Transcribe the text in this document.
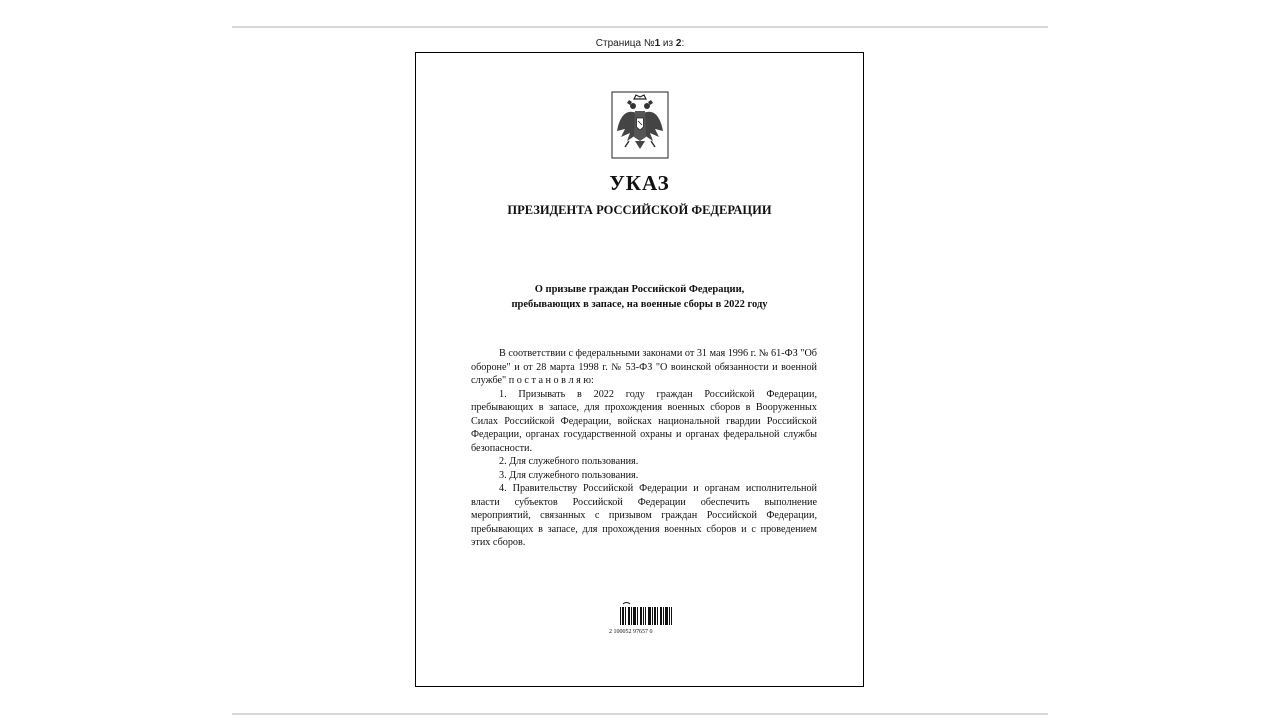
Страница №1 из 2:
УКАЗ
ПРЕЗИДЕНТА РОССИЙСКОЙ ФЕДЕРАЦИИ
О призыве граждан Российской Федерации,
пребывающих в запасе, на военные сборы в 2022 году

В соответствии с федеральными законами от 31 мая 1996 г. № 61-ФЗ "Об обороне" и от 28 марта 1998 г. № 53-ФЗ "О воинской обязанности и военной службе" п о с т а н о в л я ю:

1. Призывать в 2022 году граждан Российской Федерации, пребывающих в запасе, для прохождения военных сборов в Вооруженных Силах Российской Федерации, войсках национальной гвардии Российской Федерации, органах государственной охраны и органах федеральной службы безопасности.

2. Для служебного пользования.

3. Для служебного пользования.

4. Правительству Российской Федерации и органам исполнительной власти субъектов Российской Федерации обеспечить выполнение мероприятий, связанных с призывом граждан Российской Федерации, пребывающих в запасе, для прохождения военных сборов и с проведением этих сборов.

2 100052 97657 0
